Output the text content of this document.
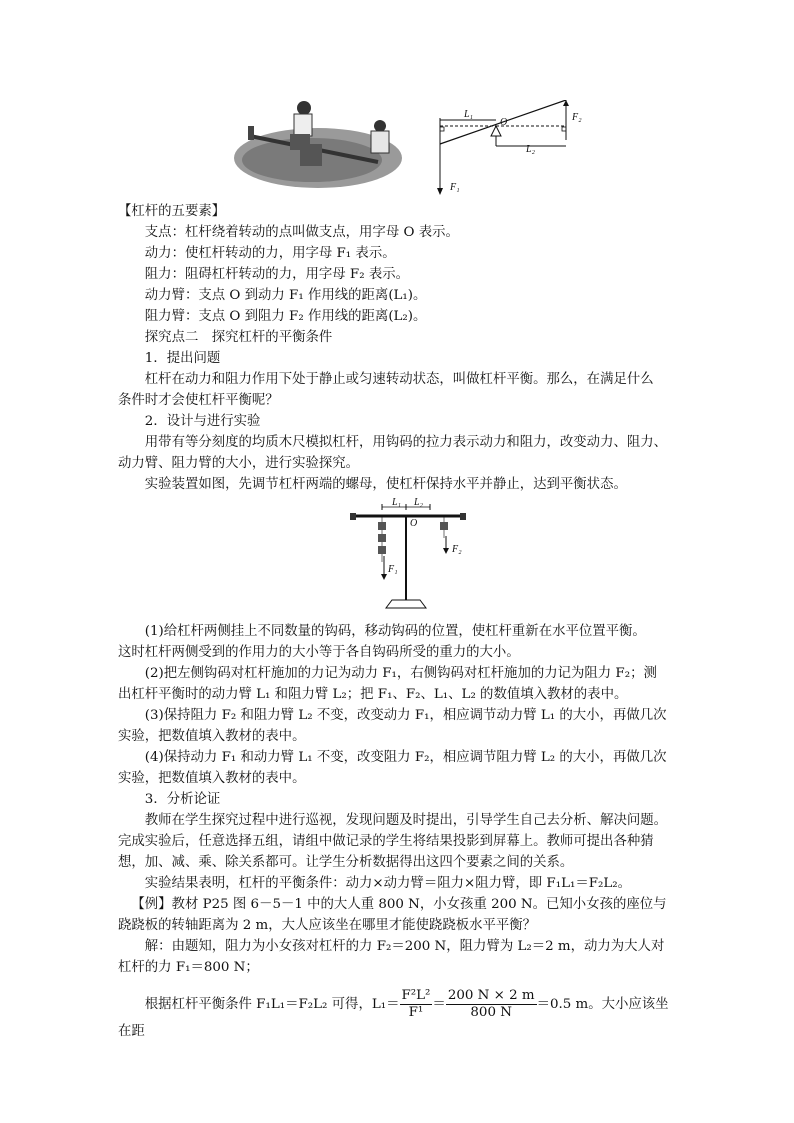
L₁
O
L₂
F₁
F₂

【杠杆的五要素】

支点：杠杆绕着转动的点叫做支点，用字母 O 表示。

动力：使杠杆转动的力，用字母 F₁ 表示。

阻力：阻碍杠杆转动的力，用字母 F₂ 表示。

动力臂：支点 O 到动力 F₁ 作用线的距离(L₁)。

阻力臂：支点 O 到阻力 F₂ 作用线的距离(L₂)。

探究点二　探究杠杆的平衡条件

1．提出问题

杠杆在动力和阻力作用下处于静止或匀速转动状态，叫做杠杆平衡。那么，在满足什么

条件时才会使杠杆平衡呢？

2．设计与进行实验

用带有等分刻度的均质木尺模拟杠杆，用钩码的拉力表示动力和阻力，改变动力、阻力、

动力臂、阻力臂的大小，进行实验探究。

实验装置如图，先调节杠杆两端的螺母，使杠杆保持水平并静止，达到平衡状态。

L₁ L₂
O
F₁
F₂

(1)给杠杆两侧挂上不同数量的钩码，移动钩码的位置，使杠杆重新在水平位置平衡。

这时杠杆两侧受到的作用力的大小等于各自钩码所受的重力的大小。

(2)把左侧钩码对杠杆施加的力记为动力 F₁，右侧钩码对杠杆施加的力记为阻力 F₂；测

出杠杆平衡时的动力臂 L₁ 和阻力臂 L₂；把 F₁、F₂、L₁、L₂ 的数值填入教材的表中。

(3)保持阻力 F₂ 和阻力臂 L₂ 不变，改变动力 F₁，相应调节动力臂 L₁ 的大小，再做几次

实验，把数值填入教材的表中。

(4)保持动力 F₁ 和动力臂 L₁ 不变，改变阻力 F₂，相应调节阻力臂 L₂ 的大小，再做几次

实验，把数值填入教材的表中。

3．分析论证

教师在学生探究过程中进行巡视，发现问题及时提出，引导学生自己去分析、解决问题。

完成实验后，任意选择五组，请组中做记录的学生将结果投影到屏幕上。教师可提出各种猜

想，加、减、乘、除关系都可。让学生分析数据得出这四个要素之间的关系。

实验结果表明，杠杆的平衡条件：动力×动力臂＝阻力×阻力臂，即 F₁L₁＝F₂L₂。

【例】教材 P25 图 6－5－1 中的大人重 800 N，小女孩重 200 N。已知小女孩的座位与

跷跷板的转轴距离为 2 m，大人应该坐在哪里才能使跷跷板水平平衡？

解：由题知，阻力为小女孩对杠杆的力 F₂＝200 N，阻力臂为 L₂＝2 m，动力为大人对

杠杆的力 F₁＝800 N；

根据杠杆平衡条件 F₁L₁＝F₂L₂ 可得，$L_1= \frac{\text{F²L²}}{\text{F¹}} = \frac{200 N \times 2 m}{800 N} =0.5$ m。大小应该坐在距
